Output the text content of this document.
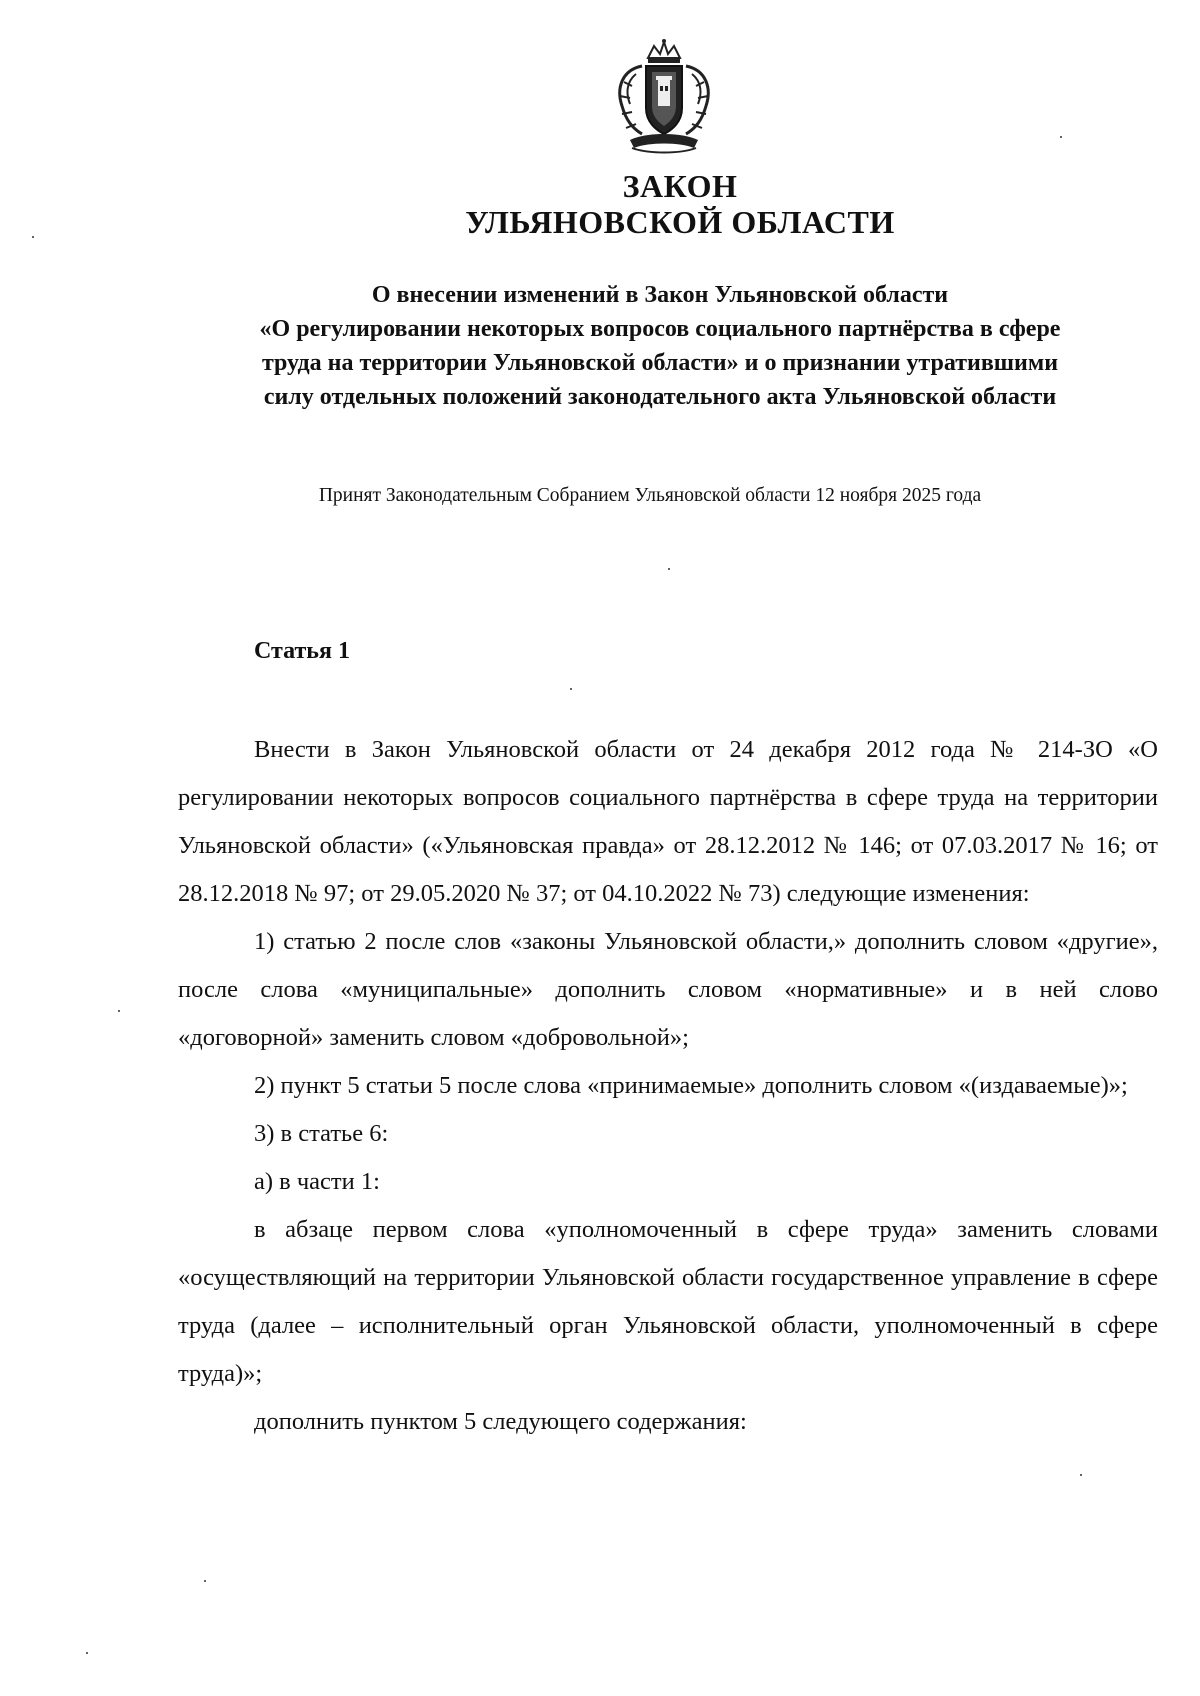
ЗАКОН
УЛЬЯНОВСКОЙ ОБЛАСТИ
О внесении изменений в Закон Ульяновской области
«О регулировании некоторых вопросов социального партнёрства в сфере
труда на территории Ульяновской области» и о признании утратившими
силу отдельных положений законодательного акта Ульяновской области
Принят Законодательным Собранием Ульяновской области 12 ноября 2025 года
Статья 1

Внести в Закон Ульяновской области от 24 декабря 2012 года № 214-ЗО «О регулировании некоторых вопросов социального партнёрства в сфере труда на территории Ульяновской области» («Ульяновская правда» от 28.12.2012 № 146; от 07.03.2017 № 16; от 28.12.2018 № 97; от 29.05.2020 № 37; от 04.10.2022 № 73) следующие изменения:

1) статью 2 после слов «законы Ульяновской области,» дополнить словом «другие», после слова «муниципальные» дополнить словом «нормативные» и в ней слово «договорной» заменить словом «добровольной»;

2) пункт 5 статьи 5 после слова «принимаемые» дополнить словом «(издаваемые)»;

3) в статье 6:

а) в части 1:

в абзаце первом слова «уполномоченный в сфере труда» заменить словами «осуществляющий на территории Ульяновской области государственное управление в сфере труда (далее – исполнительный орган Ульяновской области, уполномоченный в сфере труда)»;

дополнить пунктом 5 следующего содержания:
